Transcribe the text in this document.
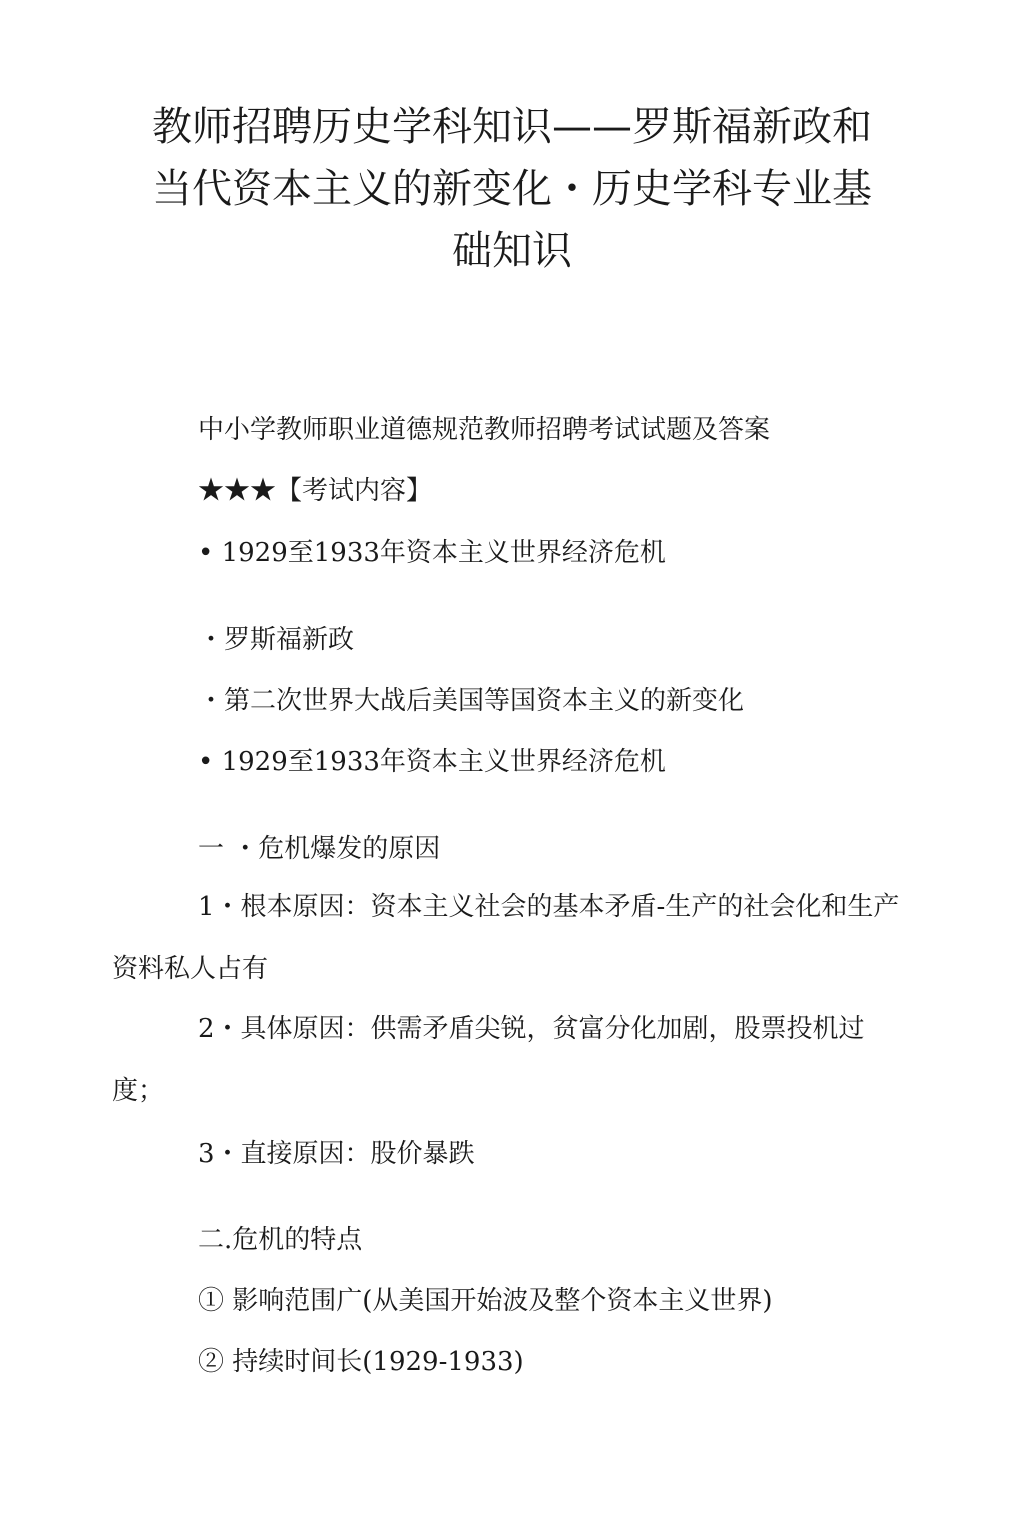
教师招聘历史学科知识——罗斯福新政和
当代资本主义的新变化・历史学科专业基
础知识

中小学教师职业道德规范教师招聘考试试题及答案

★★★【考试内容】

• 1929至1933年资本主义世界经济危机

・罗斯福新政

・第二次世界大战后美国等国资本主义的新变化

• 1929至1933年资本主义世界经济危机

一 ・危机爆发的原因

1・根本原因：资本主义社会的基本矛盾-生产的社会化和生产资料私人占有

2・具体原因：供需矛盾尖锐，贫富分化加剧，股票投机过度；

3・直接原因：股价暴跌

二.危机的特点

① 影响范围广(从美国开始波及整个资本主义世界)

② 持续时间长(1929-1933)
